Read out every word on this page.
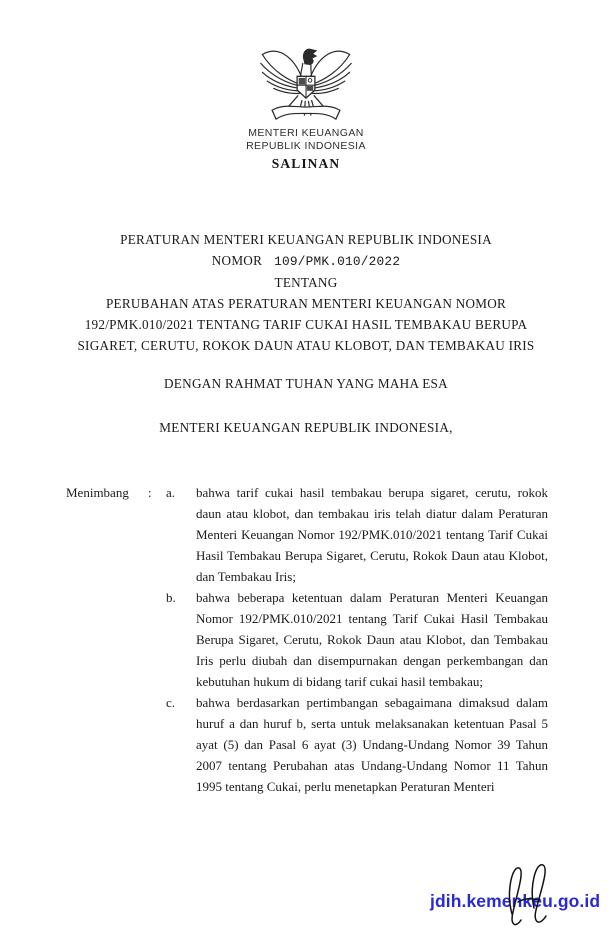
MENTERI KEUANGAN
REPUBLIK INDONESIA
SALINAN
PERATURAN MENTERI KEUANGAN REPUBLIK INDONESIA
NOMOR 109/PMK.010/2022
TENTANG
PERUBAHAN ATAS PERATURAN MENTERI KEUANGAN NOMOR
192/PMK.010/2021 TENTANG TARIF CUKAI HASIL TEMBAKAU BERUPA
SIGARET, CERUTU, ROKOK DAUN ATAU KLOBOT, DAN TEMBAKAU IRIS
DENGAN RAHMAT TUHAN YANG MAHA ESA
MENTERI KEUANGAN REPUBLIK INDONESIA,
Menimbang	:	a.	bahwa tarif cukai hasil tembakau berupa sigaret, cerutu, rokok daun atau klobot, dan tembakau iris telah diatur dalam Peraturan Menteri Keuangan Nomor 192/PMK.010/2021 tentang Tarif Cukai Hasil Tembakau Berupa Sigaret, Cerutu, Rokok Daun atau Klobot, dan Tembakau Iris;
b.	bahwa beberapa ketentuan dalam Peraturan Menteri Keuangan Nomor 192/PMK.010/2021 tentang Tarif Cukai Hasil Tembakau Berupa Sigaret, Cerutu, Rokok Daun atau Klobot, dan Tembakau Iris perlu diubah dan disempurnakan dengan perkembangan dan kebutuhan hukum di bidang tarif cukai hasil tembakau;
c.	bahwa berdasarkan pertimbangan sebagaimana dimaksud dalam huruf a dan huruf b, serta untuk melaksanakan ketentuan Pasal 5 ayat (5) dan Pasal 6 ayat (3) Undang-Undang Nomor 39 Tahun 2007 tentang Perubahan atas Undang-Undang Nomor 11 Tahun 1995 tentang Cukai, perlu menetapkan Peraturan Menteri
jdih.kemenkeu.go.id
